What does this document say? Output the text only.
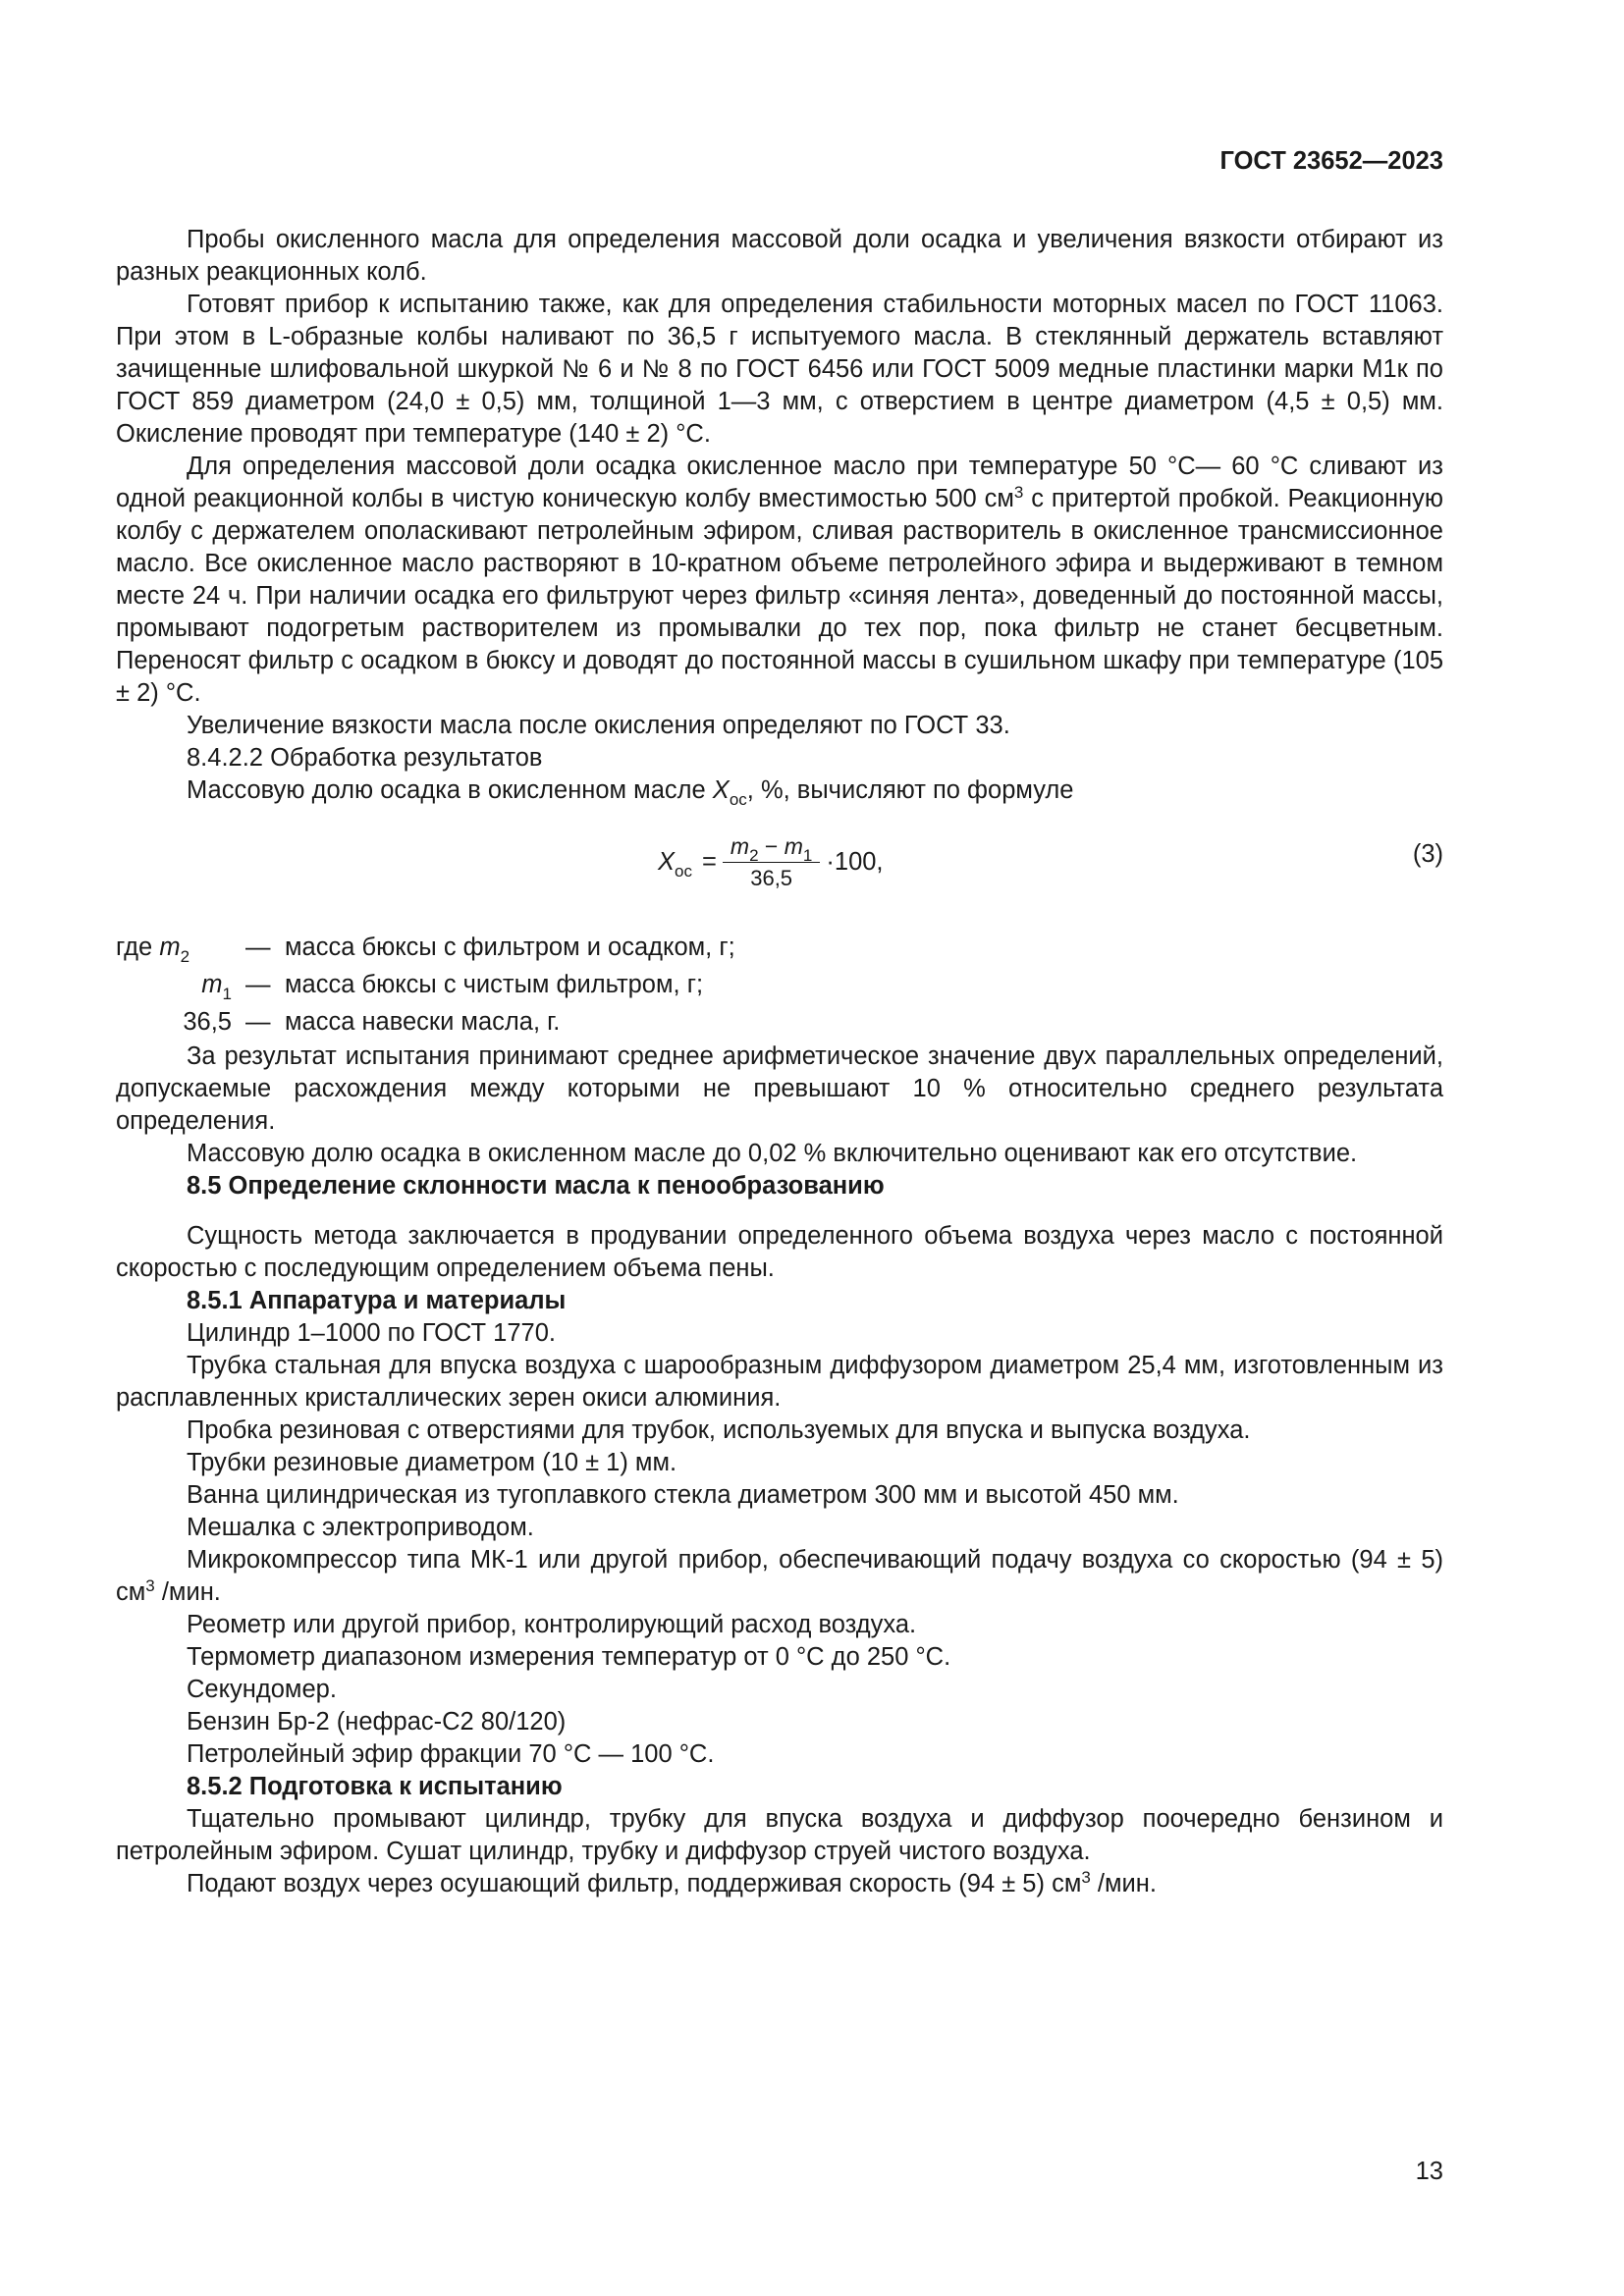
ГОСТ 23652—2023

Пробы окисленного масла для определения массовой доли осадка и увеличения вязкости отбирают из разных реакционных колб.

Готовят прибор к испытанию также, как для определения стабильности моторных масел по ГОСТ 11063. При этом в L-образные колбы наливают по 36,5 г испытуемого масла. В стеклянный держатель вставляют зачищенные шлифовальной шкуркой № 6 и № 8 по ГОСТ 6456 или ГОСТ 5009 медные пластинки марки М1к по ГОСТ 859 диаметром (24,0 ± 0,5) мм, толщиной 1—3 мм, с отверстием в центре диаметром (4,5 ± 0,5) мм. Окисление проводят при температуре (140 ± 2) °С.

Для определения массовой доли осадка окисленное масло при температуре 50 °С— 60 °С сливают из одной реакционной колбы в чистую коническую колбу вместимостью 500 $см^3$ с притертой пробкой. Реакционную колбу с держателем ополаскивают петролейным эфиром, сливая растворитель в окисленное трансмиссионное масло. Все окисленное масло растворяют в 10-кратном объеме петролейного эфира и выдерживают в темном месте 24 ч. При наличии осадка его фильтруют через фильтр «синяя лента», доведенный до постоянной массы, промывают подогретым растворителем из промывалки до тех пор, пока фильтр не станет бесцветным. Переносят фильтр с осадком в бюксу и доводят до постоянной массы в сушильном шкафу при температуре (105 ± 2) °С.

Увеличение вязкости масла после окисления определяют по ГОСТ 33.

8.4.2.2 Обработка результатов

Массовую долю осадка в окисленном масле $X_{ос}$, %, вычисляют по формуле

$X_{ос} = \frac{m_2 - m_1}{36,5} \cdot 100$,	(3)
где $m_2$	— масса бюксы с фильтром и осадком, г;
$m_1$ — масса бюксы с чистым фильтром, г;
36,5 — масса навески масла, г.

За результат испытания принимают среднее арифметическое значение двух параллельных определений, допускаемые расхождения между которыми не превышают 10 % относительно среднего результата определения.

Массовую долю осадка в окисленном масле до 0,02 % включительно оценивают как его отсутствие.

8.5 Определение склонности масла к пенообразованию

Сущность метода заключается в продувании определенного объема воздуха через масло с постоянной скоростью с последующим определением объема пены.

8.5.1 Аппаратура и материалы

Цилиндр 1–1000 по ГОСТ 1770.

Трубка стальная для впуска воздуха с шарообразным диффузором диаметром 25,4 мм, изготовленным из расплавленных кристаллических зерен окиси алюминия.

Пробка резиновая с отверстиями для трубок, используемых для впуска и выпуска воздуха.

Трубки резиновые диаметром (10 ± 1) мм.

Ванна цилиндрическая из тугоплавкого стекла диаметром 300 мм и высотой 450 мм.

Мешалка с электроприводом.

Микрокомпрессор типа МК-1 или другой прибор, обеспечивающий подачу воздуха со скоростью (94 ± 5) $см^3$ /мин.

Реометр или другой прибор, контролирующий расход воздуха.

Термометр диапазоном измерения температур от 0 °С до 250 °С.

Секундомер.

Бензин Бр-2 (нефрас-С2 80/120)

Петролейный эфир фракции 70 °С — 100 °С.

8.5.2 Подготовка к испытанию

Тщательно промывают цилиндр, трубку для впуска воздуха и диффузор поочередно бензином и петролейным эфиром. Сушат цилиндр, трубку и диффузор струей чистого воздуха.

Подают воздух через осушающий фильтр, поддерживая скорость (94 ± 5) $см^3$ /мин.

13
